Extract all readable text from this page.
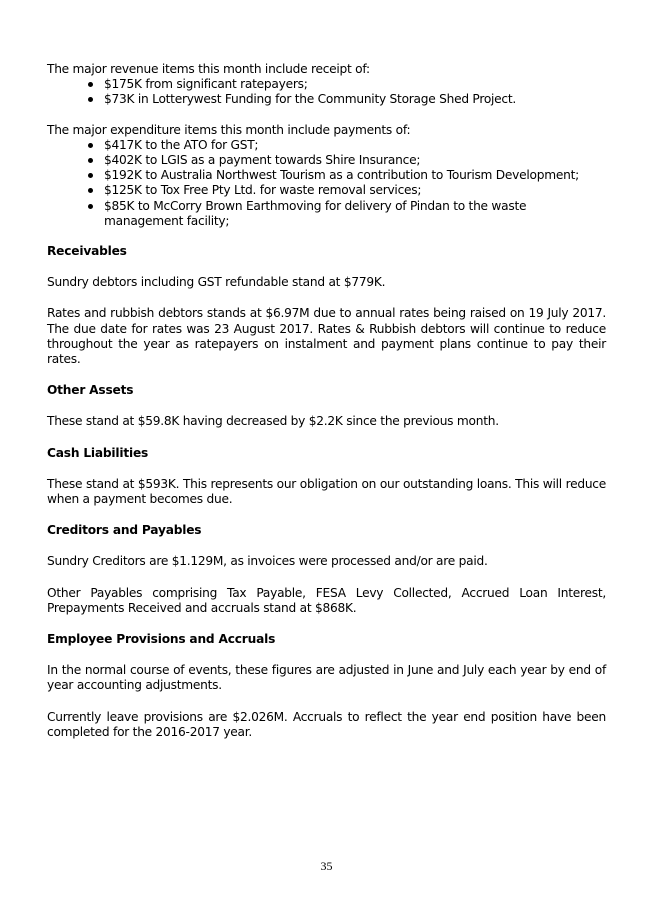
The major revenue items this month include receipt of:

$175K from significant ratepayers;
$73K in Lotterywest Funding for the Community Storage Shed Project.

The major expenditure items this month include payments of:

$417K to the ATO for GST;
$402K to LGIS as a payment towards Shire Insurance;
$192K to Australia Northwest Tourism as a contribution to Tourism Development;
$125K to Tox Free Pty Ltd. for waste removal services;
$85K to McCorry Brown Earthmoving for delivery of Pindan to the waste management facility;
Receivables

Sundry debtors including GST refundable stand at $779K.

Rates and rubbish debtors stands at $6.97M due to annual rates being raised on 19 July 2017. The due date for rates was 23 August 2017. Rates & Rubbish debtors will continue to reduce throughout the year as ratepayers on instalment and payment plans continue to pay their rates.

Other Assets

These stand at $59.8K having decreased by $2.2K since the previous month.

Cash Liabilities

These stand at $593K. This represents our obligation on our outstanding loans. This will reduce when a payment becomes due.

Creditors and Payables

Sundry Creditors are $1.129M, as invoices were processed and/or are paid.

Other Payables comprising Tax Payable, FESA Levy Collected, Accrued Loan Interest, Prepayments Received and accruals stand at $868K.

Employee Provisions and Accruals

In the normal course of events, these figures are adjusted in June and July each year by end of year accounting adjustments.

Currently leave provisions are $2.026M. Accruals to reflect the year end position have been completed for the 2016-2017 year.

35
